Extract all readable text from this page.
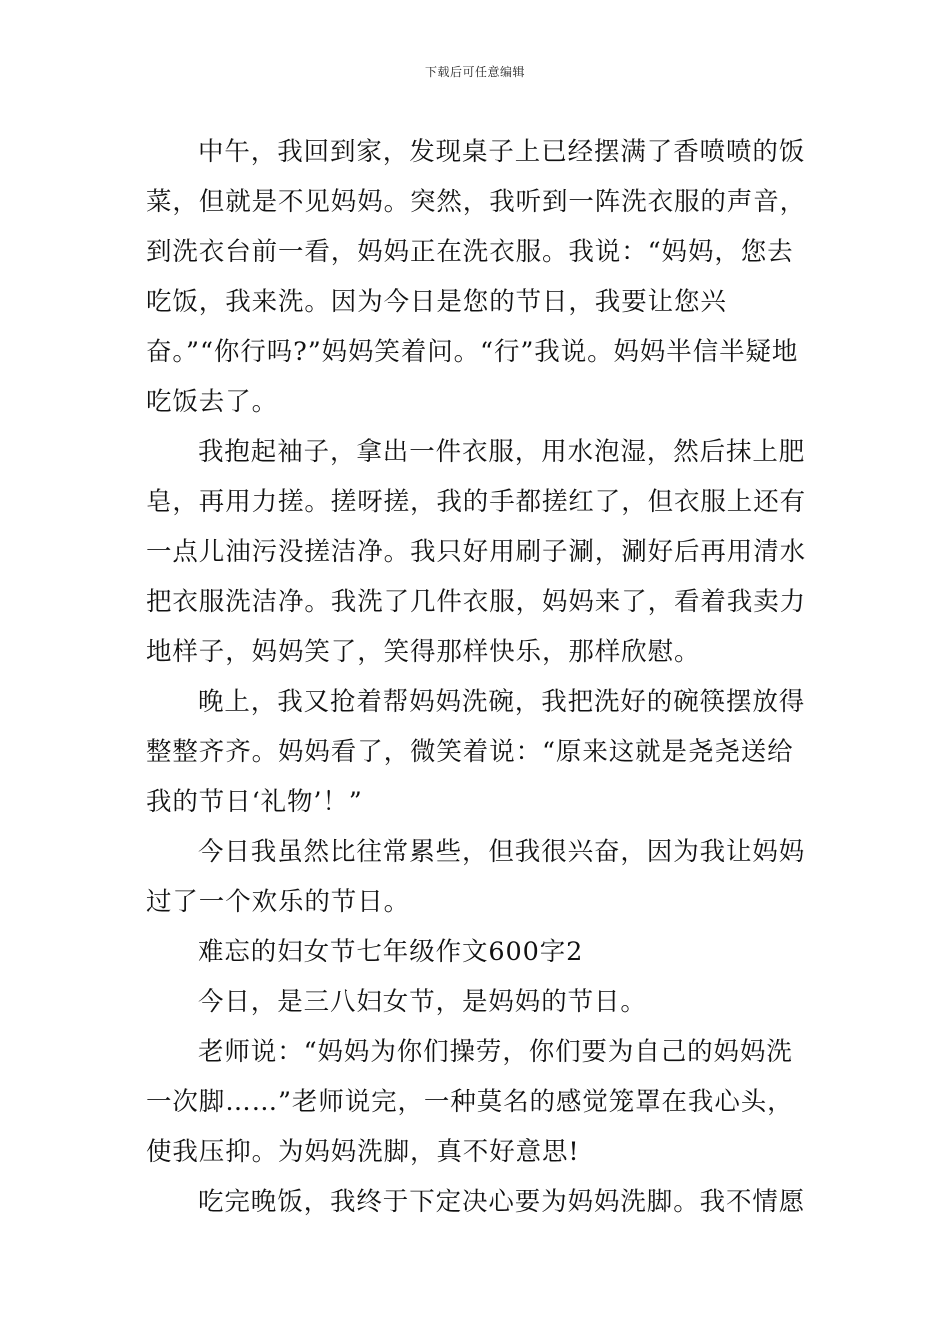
下载后可任意编辑

中午，我回到家，发现桌子上已经摆满了香喷喷的饭菜，但就是不见妈妈。突然，我听到一阵洗衣服的声音，到洗衣台前一看，妈妈正在洗衣服。我说：“妈妈，您去吃饭，我来洗。因为今日是您的节日，我要让您兴奋。”“你行吗?”妈妈笑着问。“行”我说。妈妈半信半疑地吃饭去了。

我抱起袖子，拿出一件衣服，用水泡湿，然后抹上肥皂，再用力搓。搓呀搓，我的手都搓红了，但衣服上还有一点儿油污没搓洁净。我只好用刷子涮，涮好后再用清水把衣服洗洁净。我洗了几件衣服，妈妈来了，看着我卖力地样子，妈妈笑了，笑得那样快乐，那样欣慰。

晚上，我又抢着帮妈妈洗碗，我把洗好的碗筷摆放得整整齐齐。妈妈看了，微笑着说：“原来这就是尧尧送给我的节日‘礼物’！”

今日我虽然比往常累些，但我很兴奋，因为我让妈妈过了一个欢乐的节日。

难忘的妇女节七年级作文600字2

今日，是三八妇女节，是妈妈的节日。

老师说：“妈妈为你们操劳，你们要为自己的妈妈洗一次脚……”老师说完，一种莫名的感觉笼罩在我心头，使我压抑。为妈妈洗脚，真不好意思!

吃完晚饭，我终于下定决心要为妈妈洗脚。我不情愿
